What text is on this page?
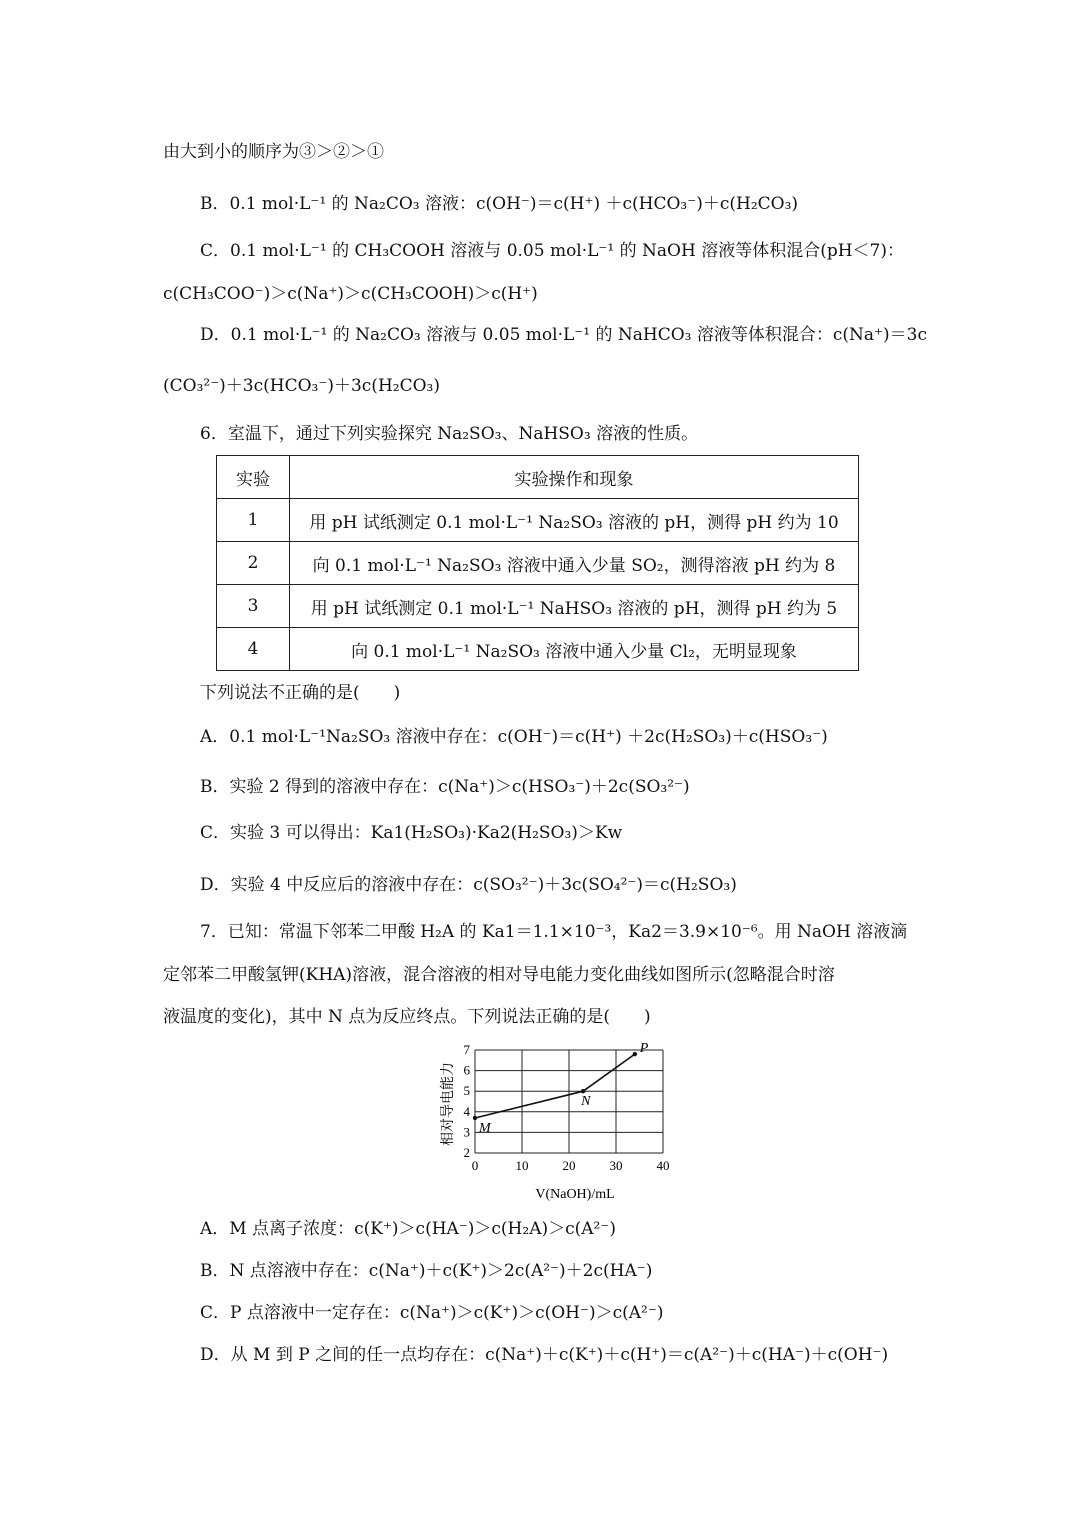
由大到小的顺序为③＞②＞①
B．0.1 mol·L⁻¹ 的 Na₂CO₃ 溶液：c(OH⁻)＝c(H⁺) ＋c(HCO₃⁻)＋c(H₂CO₃)
C．0.1 mol·L⁻¹ 的 CH₃COOH 溶液与 0.05 mol·L⁻¹ 的 NaOH 溶液等体积混合(pH＜7)：
c(CH₃COO⁻)＞c(Na⁺)＞c(CH₃COOH)＞c(H⁺)
D．0.1 mol·L⁻¹ 的 Na₂CO₃ 溶液与 0.05 mol·L⁻¹ 的 NaHCO₃ 溶液等体积混合：c(Na⁺)＝3c
(CO₃²⁻)＋3c(HCO₃⁻)＋3c(H₂CO₃)
6．室温下，通过下列实验探究 Na₂SO₃、NaHSO₃ 溶液的性质。
实验	实验操作和现象
1	用 pH 试纸测定 0.1 mol·L⁻¹ Na₂SO₃ 溶液的 pH，测得 pH 约为 10
2	向 0.1 mol·L⁻¹ Na₂SO₃ 溶液中通入少量 SO₂，测得溶液 pH 约为 8
3	用 pH 试纸测定 0.1 mol·L⁻¹ NaHSO₃ 溶液的 pH，测得 pH 约为 5
4	向 0.1 mol·L⁻¹ Na₂SO₃ 溶液中通入少量 Cl₂，无明显现象
下列说法不正确的是(　　)
A．0.1 mol·L⁻¹Na₂SO₃ 溶液中存在：c(OH⁻)＝c(H⁺) ＋2c(H₂SO₃)＋c(HSO₃⁻)
B．实验 2 得到的溶液中存在：c(Na⁺)＞c(HSO₃⁻)＋2c(SO₃²⁻)
C．实验 3 可以得出：Ka1(H₂SO₃)·Ka2(H₂SO₃)＞Kw
D．实验 4 中反应后的溶液中存在：c(SO₃²⁻)＋3c(SO₄²⁻)＝c(H₂SO₃)
7．已知：常温下邻苯二甲酸 H₂A 的 Ka1＝1.1×10⁻³，Ka2＝3.9×10⁻⁶。用 NaOH 溶液滴
定邻苯二甲酸氢钾(KHA)溶液，混合溶液的相对导电能力变化曲线如图所示(忽略混合时溶
液温度的变化)，其中 N 点为反应终点。下列说法正确的是(　　)
2
3
4
5
6
7
0	10	20	30	40
M
N
P
相对导电能力
V(NaOH)/mL
A．M 点离子浓度：c(K⁺)＞c(HA⁻)＞c(H₂A)＞c(A²⁻)
B．N 点溶液中存在：c(Na⁺)＋c(K⁺)＞2c(A²⁻)＋2c(HA⁻)
C．P 点溶液中一定存在：c(Na⁺)＞c(K⁺)＞c(OH⁻)＞c(A²⁻)
D．从 M 到 P 之间的任一点均存在：c(Na⁺)＋c(K⁺)＋c(H⁺)＝c(A²⁻)＋c(HA⁻)＋c(OH⁻)
